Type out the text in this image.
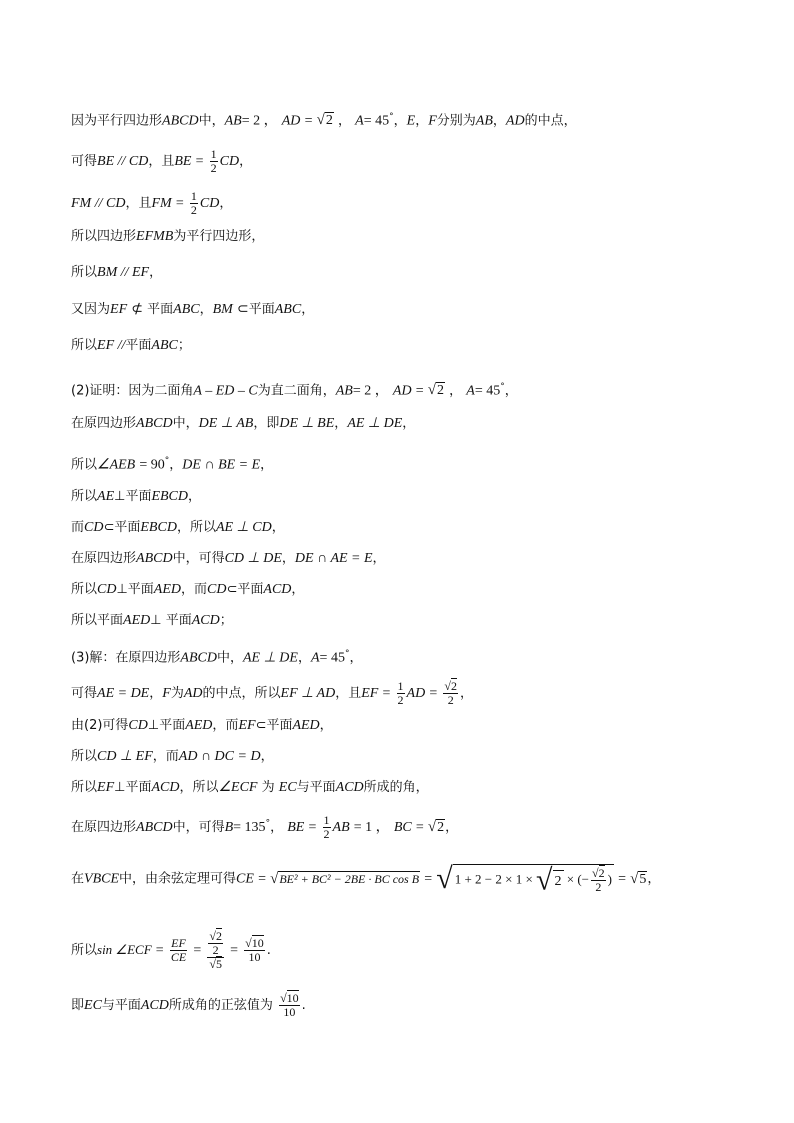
因为平行四边形ABCD中，AB= 2 ， AD = √2 ， A= 45°，E，F分别为AB，AD的中点，
可得BE // CD，且BE = $\frac{1}{2}$ CD，
FM // CD，且FM = $\frac{1}{2}$ CD，
所以四边形EFMB为平行四边形，
所以BM // EF，
又因为EF ⊄ 平面ABC，BM ⊂平面ABC，
所以EF //平面ABC；
(2)证明：因为二面角A – ED – C为直二面角，AB= 2 ， AD = √2 ， A= 45°，
在原四边形ABCD中，DE ⊥ AB，即DE ⊥ BE，AE ⊥ DE，
所以∠AEB = 90°，DE ∩ BE = E，
所以AE⊥平面EBCD，
而CD⊂平面EBCD，所以AE ⊥ CD，
在原四边形ABCD中，可得CD ⊥ DE，DE ∩ AE = E，
所以CD⊥平面AED，而CD⊂平面ACD，
所以平面AED⊥ 平面ACD；
(3)解：在原四边形ABCD中，AE ⊥ DE，A= 45°，
可得AE = DE，F为AD的中点，所以EF ⊥ AD，且EF = $\frac{1}{2}$ AD = $\frac{√2}{2}$ ，
由(2)可得CD⊥平面AED，而EF⊂平面AED，
所以CD ⊥ EF，而AD ∩ DC = D，
所以EF⊥平面ACD，所以∠ECF 为 EC与平面ACD所成的角，
在原四边形ABCD中，可得B= 135°， BE = $\frac{1}{2}$ AB = 1 ， BC = √2，
在VBCE中，由余弦定理可得CE = √BE² + BC² − 2BE · BC cos B = √ 1 + 2 − 2 × 1 × √ 2 × (− $\frac{√2}{2}$ ) = √5，
所以sin ∠ECF = $\frac{EF}{CE} = \frac{\frac{√2}{2}}{√5} = \frac{√10}{10}$ .
即EC与平面ACD所成角的正弦值为 $\frac{√10}{10}$ .
